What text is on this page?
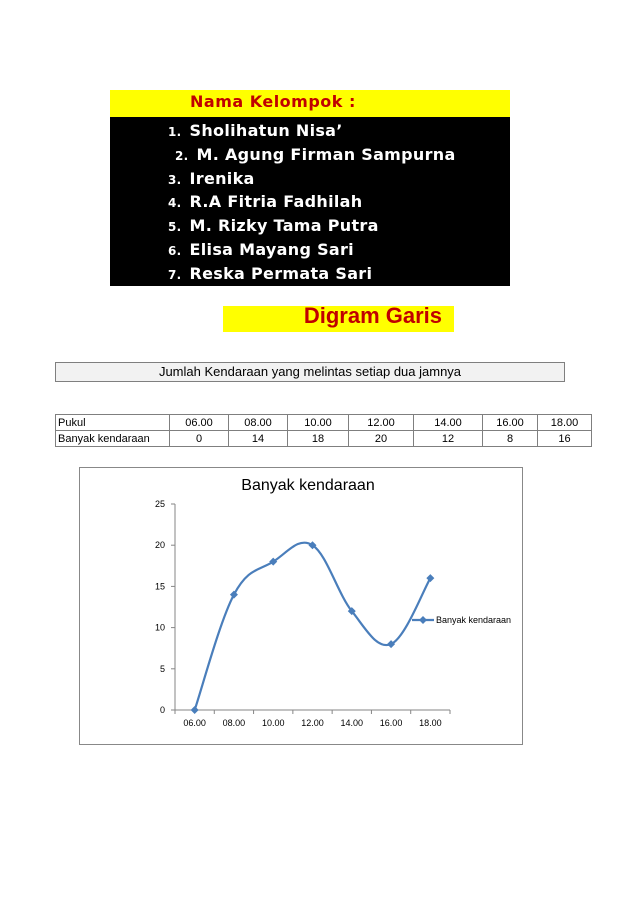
Nama Kelompok :
1. Sholihatun Nisa’
2. M. Agung Firman Sampurna
3. Irenika
4. R.A Fitria Fadhilah
5. M. Rizky Tama Putra
6. Elisa Mayang Sari
7. Reska Permata Sari
Digram Garis
Jumlah Kendaraan yang melintas setiap dua jamnya
Pukul	06.00	08.00	10.00	12.00	14.00	16.00	18.00
Banyak kendaraan	0	14	18	20	12	8	16
Banyak kendaraan
0
5
10
15
20
25
06.00 08.00 10.00 12.00 14.00 16.00 18.00
Banyak kendaraan
